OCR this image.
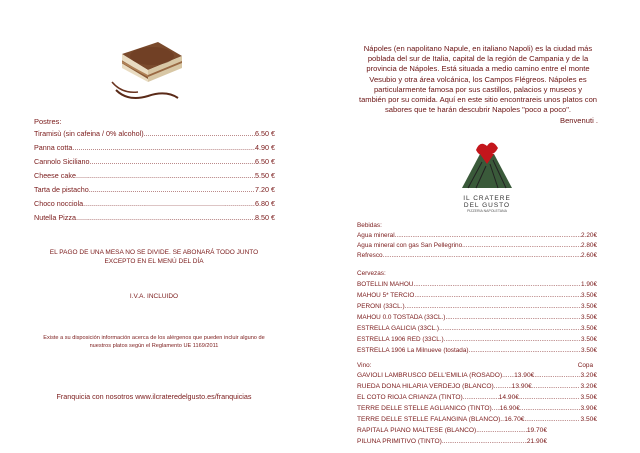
Postres:
Tiramisù (sin cafeina / 0% alcohol) .....	6.50 €
Panna cotta .....	4.90 €
Cannolo Siciliano .....	6.50 €
Cheese cake .....	5.50 €
Tarta de pistacho .....	7.20 €
Choco nocciola .....	6.80 €
Nutella Pizza .....	8.50 €
EL PAGO DE UNA MESA NO SE DIVIDE. SE ABONARÁ TODO JUNTO
EXCEPTO EN EL MENÚ DEL DÍA
I.V.A. INCLUIDO
Existe a su disposición información acerca de los alérgenos que pueden incluir alguno de
nuestros platos según el Reglamento UE 1169/2011
Franquicia con nosotros www.ilcrateredelgusto.es/franquicias
Nápoles (en napolitano Napule, en italiano Napoli) es la ciudad más
poblada del sur de Italia, capital de la región de Campania y de la
provincia de Nápoles. Está situada a medio camino entre el monte
Vesubio y otra área volcánica, los Campos Flégreos. Nápoles es
particularmente famosa por sus castillos, palacios y museos y
también por su comida. Aquí en este sitio encontrareis unos platos con
sabores que te harán descubrir Napoles "poco a poco".
Benvenuti .
IL CRATERE
DEL GUSTO
PIZZERIA NAPOLETANA
Bebidas:
Agua mineral .....	2.20€
Agua mineral con gas San Pellegrino .....	2.80€
Refresco .....	2.60€
Cervezas:
BOTELLIN MAHOU .....	1.90€
MAHOU 5* TERCIO .....	3.50€
PERONI (33CL.) .....	3.50€
MAHOU 0.0 TOSTADA (33CL.) .....	3.50€
ESTRELLA GALICIA (33CL.) .....	3.50€
ESTRELLA 1906 RED (33CL.) .....	3.50€
ESTRELLA 1906 La Milnueve (tostada) .....	3.50€
Vino:	Copa
GAVIOLI LAMBRUSCO DELL'EMILIA (ROSADO) ..... 13.90€ .....	3.20€
RUEDA DOÑA HILARIA VERDEJO (BLANCO) .....	13.90€ .....	3.20€
EL COTO RIOJA CRIANZA (TINTO) .....	14.90€ .....	3.50€
TERRE DELLE STELLE AGLIANICO (TINTO) ..... 16.90€ .....	3.90€
TERRE DELLE STELLE FALANGINA (BLANCO) ..... 16.70€ .....	3.50€
RAPITALÀ PIANO MALTESE (BLANCO) .....	19.70€
PILÙNA PRIMITIVO (TINTO) .....	21.90€
